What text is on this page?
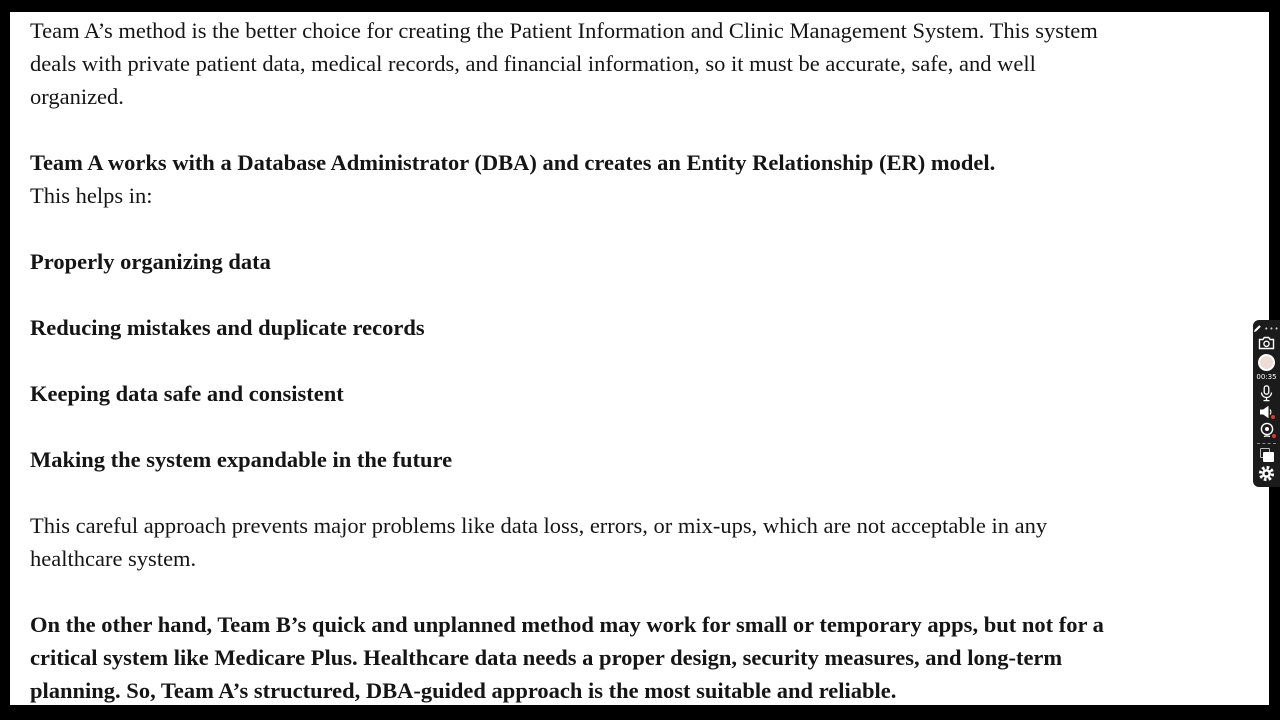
Team A’s method is the better choice for creating the Patient Information and Clinic Management System. This system
deals with private patient data, medical records, and financial information, so it must be accurate, safe, and well
organized.

Team A works with a Database Administrator (DBA) and creates an Entity Relationship (ER) model.

This helps in:

Properly organizing data

Reducing mistakes and duplicate records

Keeping data safe and consistent

Making the system expandable in the future

This careful approach prevents major problems like data loss, errors, or mix-ups, which are not acceptable in any
healthcare system.

On the other hand, Team B’s quick and unplanned method may work for small or temporary apps, but not for a
critical system like Medicare Plus. Healthcare data needs a proper design, security measures, and long-term
planning. So, Team A’s structured, DBA-guided approach is the most suitable and reliable.

•••
00:35
